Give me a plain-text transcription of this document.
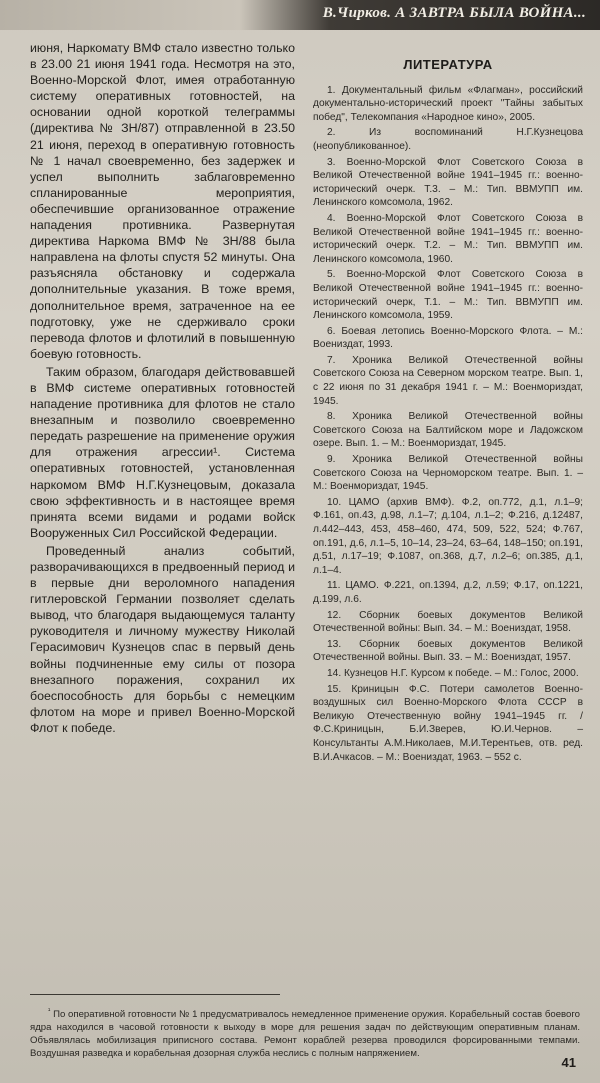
В.Чирков. А ЗАВТРА БЫЛА ВОЙНА...

июня, Наркомату ВМФ стало известно только в 23.00 21 июня 1941 года. Несмотря на это, Военно-Морской Флот, имея отработанную систему оперативных готовностей, на основании одной короткой телеграммы (директива № ЗН/87) отправленной в 23.50 21 июня, переход в оперативную готовность № 1 начал своевременно, без задержек и успел выполнить заблаговременно спланированные мероприятия, обеспечившие организованное отражение нападения противника. Развернутая директива Наркома ВМФ № 3Н/88 была направлена на флоты спустя 52 минуты. Она разъясняла обстановку и содержала дополнительные указания. В тоже время, дополнительное время, затраченное на ее подготовку, уже не сдерживало сроки перевода флотов и флотилий в повышенную боевую готовность.

Таким образом, благодаря действовавшей в ВМФ системе оперативных готовностей нападение противника для флотов не стало внезапным и позволило своевременно передать разрешение на применение оружия для отражения агрессии¹. Система оперативных готовностей, установленная наркомом ВМФ Н.Г.Кузнецовым, доказала свою эффективность и в настоящее время принята всеми видами и родами войск Вооруженных Сил Российской Федерации.

Проведенный анализ событий, разворачивающихся в предвоенный период и в первые дни вероломного нападения гитлеровской Германии позволяет сделать вывод, что благодаря выдающемуся таланту руководителя и личному мужеству Николай Герасимович Кузнецов спас в первый день войны подчиненные ему силы от позора внезапного поражения, сохранил их боеспособность для борьбы с немецким флотом на море и привел Военно-Морской Флот к победе.

ЛИТЕРАТУРА

1. Документальный фильм «Флагман», российский документально-исторический проект "Тайны забытых побед", Телекомпания «Народное кино», 2005.

2. Из воспоминаний Н.Г.Кузнецова (неопубликованное).

3. Военно-Морской Флот Советского Союза в Великой Отечественной войне 1941–1945 гг.: военно-исторический очерк. Т.3. – М.: Тип. ВВМУПП им. Ленинского комсомола, 1962.

4. Военно-Морской Флот Советского Союза в Великой Отечественной войне 1941–1945 гг.: военно-исторический очерк. Т.2. – М.: Тип. ВВМУПП им. Ленинского комсомола, 1960.

5. Военно-Морской Флот Советского Союза в Великой Отечественной войне 1941–1945 гг.: военно-исторический очерк, Т.1. – М.: Тип. ВВМУПП им. Ленинского комсомола, 1959.

6. Боевая летопись Военно-Морского Флота. – М.: Воениздат, 1993.

7. Хроника Великой Отечественной войны Советского Союза на Северном морском театре. Вып. 1, с 22 июня по 31 декабря 1941 г. – М.: Военмориздат, 1945.

8. Хроника Великой Отечественной войны Советского Союза на Балтийском море и Ладожском озере. Вып. 1. – М.: Военмориздат, 1945.

9. Хроника Великой Отечественной войны Советского Союза на Черноморском театре. Вып. 1. – М.: Военмориздат, 1945.

10. ЦАМО (архив ВМФ). Ф.2, оп.772, д.1, л.1–9; Ф.161, оп.43, д.98, л.1–7; д.104, л.1–2; Ф.216, д.12487, л.442–443, 453, 458–460, 474, 509, 522, 524; Ф.767, оп.191, д.6, л.1–5, 10–14, 23–24, 63–64, 148–150; оп.191, д.51, л.17–19; Ф.1087, оп.368, д.7, л.2–6; оп.385, д.1, л.1–4.

11. ЦАМО. Ф.221, оп.1394, д.2, л.59; Ф.17, оп.1221, д.199, л.6.

12. Сборник боевых документов Великой Отечественной войны: Вып. 34. – М.: Воениздат, 1958.

13. Сборник боевых документов Великой Отечественной войны. Вып. 33. – М.: Воениздат, 1957.

14. Кузнецов Н.Г. Курсом к победе. – М.: Голос, 2000.

15. Криницын Ф.С. Потери самолетов Военно-воздушных сил Военно-Морского Флота СССР в Великую Отечественную войну 1941–1945 гг. / Ф.С.Криницын, Б.И.Зверев, Ю.И.Чернов. – Консультанты А.М.Николаев, М.И.Терентьев, отв. ред. В.И.Ачкасов. – М.: Воениздат, 1963. – 552 с.

$^{^1}$ По оперативной готовности № 1 предусматривалось немедленное применение оружия. Корабельный состав боевого ядра находился в часовой готовности к выходу в море для решения задач по действующим оперативным планам. Объявлялась мобилизация приписного состава. Ремонт кораблей резерва проводился форсированными темпами. Воздушная разведка и корабельная дозорная служба неслись с полным напряжением.
41
